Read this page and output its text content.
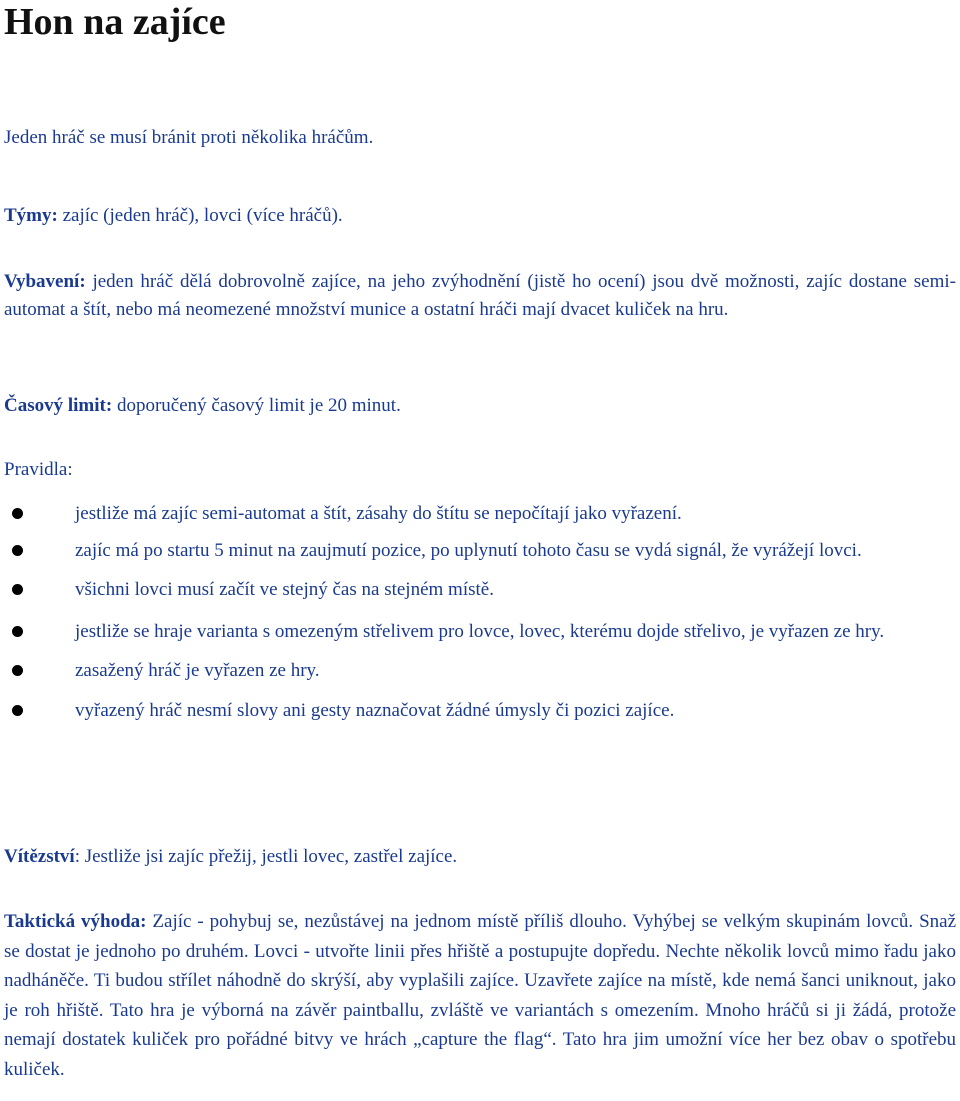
Hon na zajíce

Jeden hráč se musí bránit proti několika hráčům.

Týmy: zajíc (jeden hráč), lovci (více hráčů).

Vybavení: jeden hráč dělá dobrovolně zajíce, na jeho zvýhodnění (jistě ho ocení) jsou dvě možnosti, zajíc dostane semi-automat a štít, nebo má neomezené množství munice a ostatní hráči mají dvacet kuliček na hru.

Časový limit: doporučený časový limit je 20 minut.

Pravidla:

jestliže má zajíc semi-automat a štít, zásahy do štítu se nepočítají jako vyřazení.
zajíc má po startu 5 minut na zaujmutí pozice, po uplynutí tohoto času se vydá signál, že vyrážejí lovci.
všichni lovci musí začít ve stejný čas na stejném místě.
jestliže se hraje varianta s omezeným střelivem pro lovce, lovec, kterému dojde střelivo, je vyřazen ze hry.
zasažený hráč je vyřazen ze hry.
vyřazený hráč nesmí slovy ani gesty naznačovat žádné úmysly či pozici zajíce.

Vítězství: Jestliže jsi zajíc přežij, jestli lovec, zastřel zajíce.

Taktická výhoda: Zajíc - pohybuj se, nezůstávej na jednom místě příliš dlouho. Vyhýbej se velkým skupinám lovců. Snaž se dostat je jednoho po druhém. Lovci - utvořte linii přes hřiště a postupujte dopředu. Nechte několik lovců mimo řadu jako nadháněče. Ti budou střílet náhodně do skrýší, aby vyplašili zajíce. Uzavřete zajíce na místě, kde nemá šanci uniknout, jako je roh hřiště. Tato hra je výborná na závěr paintballu, zvláště ve variantách s omezením. Mnoho hráčů si ji žádá, protože nemají dostatek kuliček pro pořádné bitvy ve hrách „capture the flag“. Tato hra jim umožní více her bez obav o spotřebu kuliček.
